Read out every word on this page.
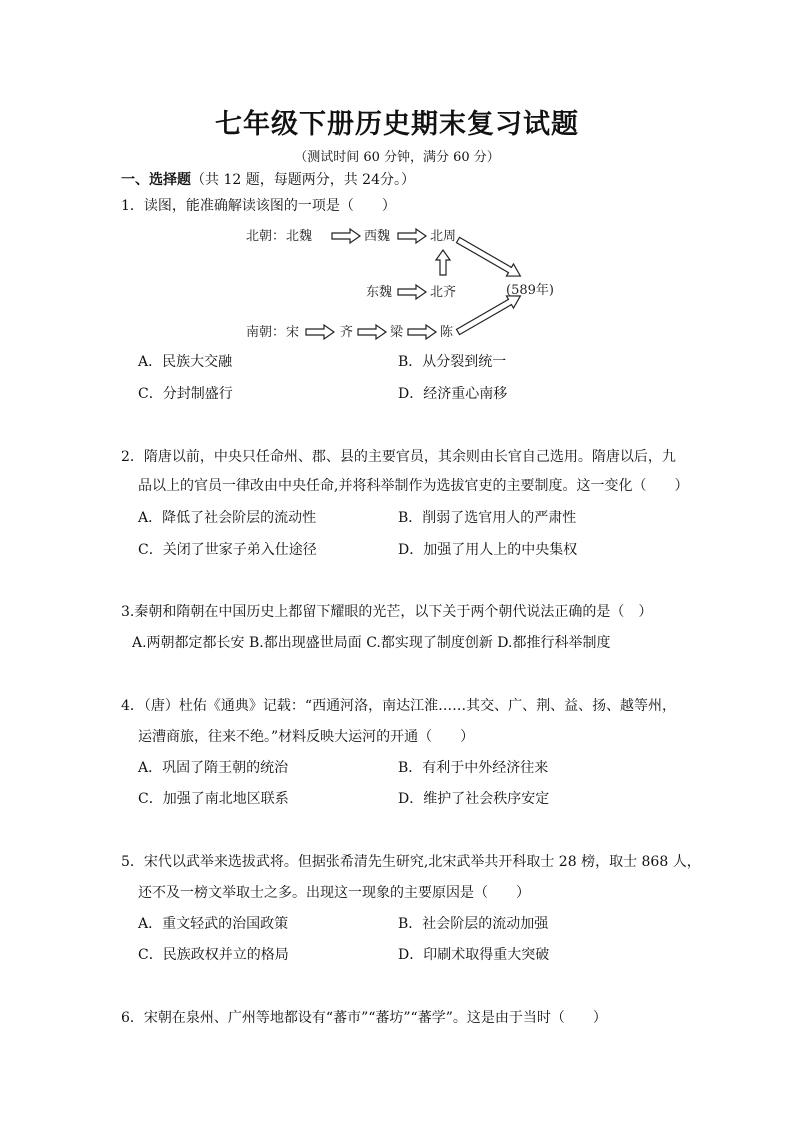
七年级下册历史期末复习试题
（测试时间 60 分钟，满分 60 分）
一、选择题（共 12 题，每题两分，共 24分。）
1．读图，能准确解读该图的一项是（　　）
北朝： 北魏	西魏	北周
东魏	北齐	(589年)
南朝： 宋	齐	梁	陈
A．民族大交融	B．从分裂到统一
C．分封制盛行	D．经济重心南移
2．隋唐以前，中央只任命州、郡、县的主要官员，其余则由长官自己选用。隋唐以后，九
品以上的官员一律改由中央任命,并将科举制作为选拔官吏的主要制度。这一变化（　　）
A．降低了社会阶层的流动性	B．削弱了选官用人的严肃性
C．关闭了世家子弟入仕途径	D．加强了用人上的中央集权
3.秦朝和隋朝在中国历史上都留下耀眼的光芒，以下关于两个朝代说法正确的是（　）
A.两朝都定都长安 B.都出现盛世局面 C.都实现了制度创新 D.都推行科举制度
4．（唐）杜佑《通典》记载：“西通河洛，南达江淮……其交、广、荆、益、扬、越等州，
运漕商旅，往来不绝。”材料反映大运河的开通（　　）
A．巩固了隋王朝的统治	B．有利于中外经济往来
C．加强了南北地区联系	D．维护了社会秩序安定
5．宋代以武举来选拔武将。但据张希清先生研究,北宋武举共开科取士 28 榜，取士 868 人，
还不及一榜文举取士之多。出现这一现象的主要原因是（　　）
A．重文轻武的治国政策	B．社会阶层的流动加强
C．民族政权并立的格局	D．印刷术取得重大突破
6．宋朝在泉州、广州等地都设有“蕃市”“蕃坊”“蕃学”。这是由于当时（　　）
